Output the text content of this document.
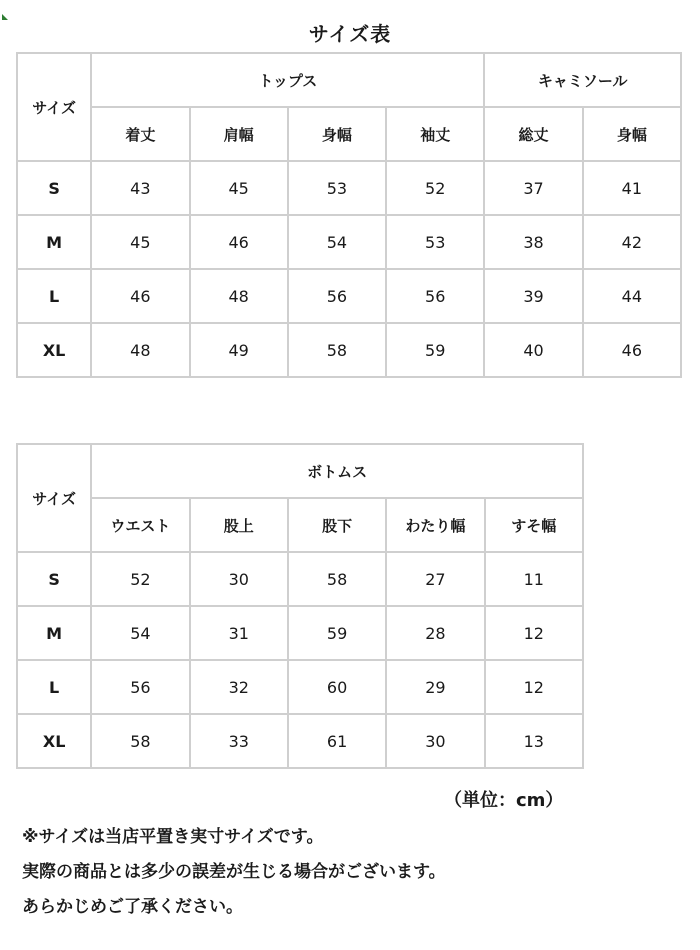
サイズ表
サイズ	トップス				キャミソール	
	着丈	肩幅	身幅	袖丈	総丈	身幅
S	43	45	53	52	37	41
M	45	46	54	53	38	42
L	46	48	56	56	39	44
XL	48	49	58	59	40	46
サイズ	ボトムス				
	ウエスト	股上	股下	わたり幅	すそ幅
S	52	30	58	27	11
M	54	31	59	28	12
L	56	32	60	29	12
XL	58	33	61	30	13
（単位：cm）
※サイズは当店平置き実寸サイズです。
実際の商品とは多少の誤差が生じる場合がございます。
あらかじめご了承ください。
